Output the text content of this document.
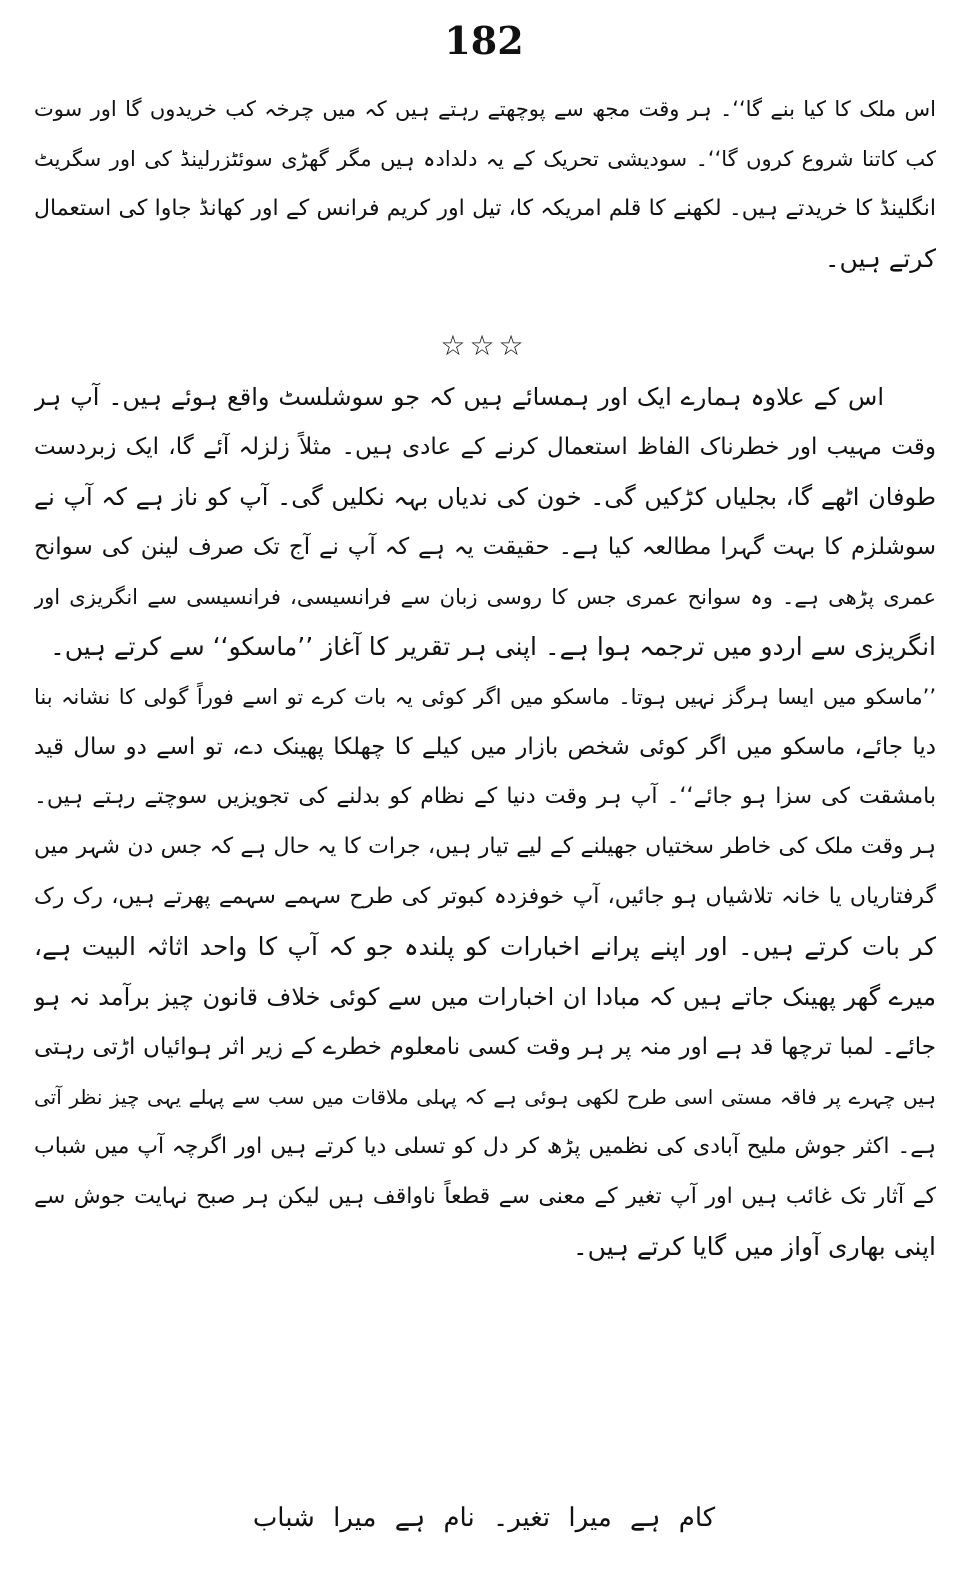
182
اس ملک کا کیا بنے گا‘‘۔ ہر وقت مجھ سے پوچھتے رہتے ہیں کہ میں چرخہ کب خریدوں گا اور سوت
کب کاتنا شروع کروں گا‘‘۔ سودیشی تحریک کے یہ دلدادہ ہیں مگر گھڑی سوئٹزرلینڈ کی اور سگریٹ
انگلینڈ کا خریدتے ہیں۔ لکھنے کا قلم امریکہ کا، تیل اور کریم فرانس کے اور کھانڈ جاوا کی استعمال
کرتے ہیں۔
☆☆☆
اس کے علاوہ ہمارے ایک اور ہمسائے ہیں کہ جو سوشلسٹ واقع ہوئے ہیں۔ آپ ہر
وقت مہیب اور خطرناک الفاظ استعمال کرنے کے عادی ہیں۔ مثلاً زلزلہ آئے گا، ایک زبردست
طوفان اٹھے گا، بجلیاں کڑکیں گی۔ خون کی ندیاں بہہ نکلیں گی۔ آپ کو ناز ہے کہ آپ نے
سوشلزم کا بہت گہرا مطالعہ کیا ہے۔ حقیقت یہ ہے کہ آپ نے آج تک صرف لینن کی سوانح
عمری پڑھی ہے۔ وہ سوانح عمری جس کا روسی زبان سے فرانسیسی، فرانسیسی سے انگریزی اور
انگریزی سے اردو میں ترجمہ ہوا ہے۔ اپنی ہر تقریر کا آغاز ’’ماسکو‘‘ سے کرتے ہیں۔
’’ماسکو میں ایسا ہرگز نہیں ہوتا۔ ماسکو میں اگر کوئی یہ بات کرے تو اسے فوراً گولی کا نشانہ بنا
دیا جائے، ماسکو میں اگر کوئی شخص بازار میں کیلے کا چھلکا پھینک دے، تو اسے دو سال قید
بامشقت کی سزا ہو جائے‘‘۔ آپ ہر وقت دنیا کے نظام کو بدلنے کی تجویزیں سوچتے رہتے ہیں۔
ہر وقت ملک کی خاطر سختیاں جھیلنے کے لیے تیار ہیں، جرات کا یہ حال ہے کہ جس دن شہر میں
گرفتاریاں یا خانہ تلاشیاں ہو جائیں، آپ خوفزدہ کبوتر کی طرح سہمے سہمے پھرتے ہیں، رک رک
کر بات کرتے ہیں۔ اور اپنے پرانے اخبارات کو پلندہ جو کہ آپ کا واحد اثاثہ البیت ہے،
میرے گھر پھینک جاتے ہیں کہ مبادا ان اخبارات میں سے کوئی خلاف قانون چیز برآمد نہ ہو
جائے۔ لمبا ترچھا قد ہے اور منہ پر ہر وقت کسی نامعلوم خطرے کے زیر اثر ہوائیاں اڑتی رہتی
ہیں چہرے پر فاقہ مستی اسی طرح لکھی ہوئی ہے کہ پہلی ملاقات میں سب سے پہلے یہی چیز نظر آتی
ہے۔ اکثر جوش ملیح آبادی کی نظمیں پڑھ کر دل کو تسلی دیا کرتے ہیں اور اگرچہ آپ میں شباب
کے آثار تک غائب ہیں اور آپ تغیر کے معنی سے قطعاً ناواقف ہیں لیکن ہر صبح نہایت جوش سے
اپنی بھاری آواز میں گایا کرتے ہیں۔
کام ہے میرا تغیر۔ نام ہے میرا شباب
